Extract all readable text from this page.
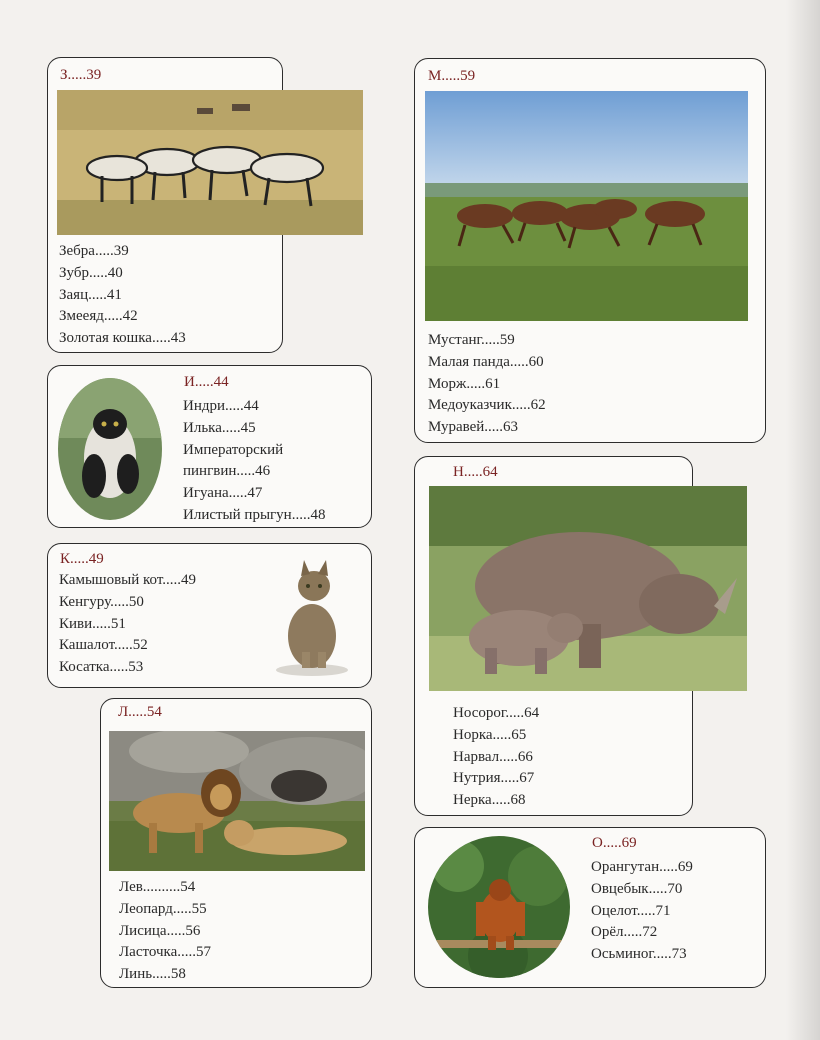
З.....39
Зебра.....39
Зубр.....40
Заяц.....41
Змееяд.....42
Золотая кошка.....43
И.....44
Индри.....44
Илька.....45
Императорский
пингвин.....46
Игуана.....47
Илистый прыгун.....48
К.....49
Камышовый кот.....49
Кенгуру.....50
Киви.....51
Кашалот.....52
Косатка.....53
Л.....54
Лев..........54
Леопард.....55
Лисица.....56
Ласточка.....57
Линь.....58
М.....59
Мустанг.....59
Малая панда.....60
Морж.....61
Медоуказчик.....62
Муравей.....63
Н.....64
Носорог.....64
Норка.....65
Нарвал.....66
Нутрия.....67
Нерка.....68
О.....69
Орангутан.....69
Овцебык.....70
Оцелот.....71
Орёл.....72
Осьминог.....73
